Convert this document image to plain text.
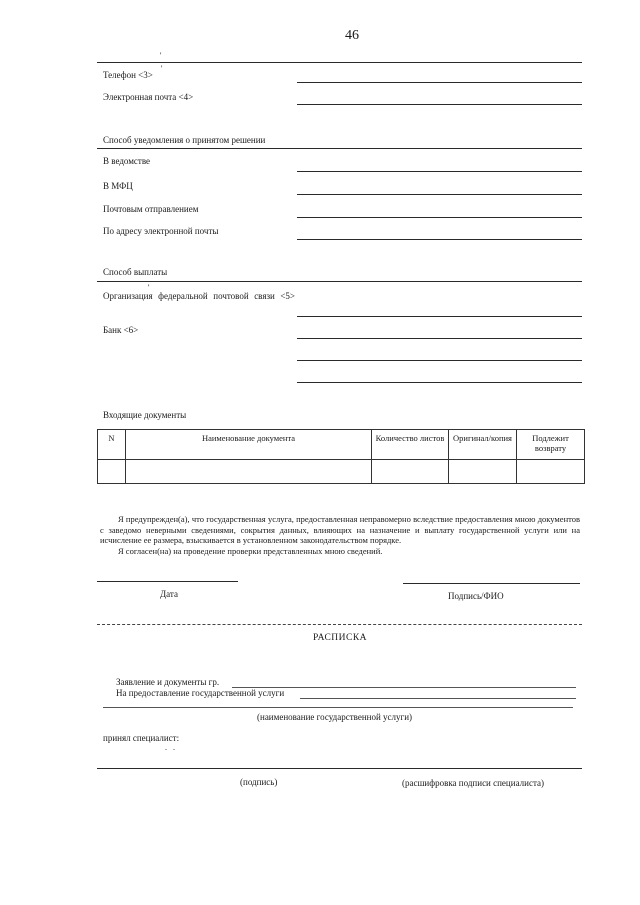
46
'
'
Телефон <3>
Электронная почта <4>
Способ уведомления о принятом решении
В ведомстве
В МФЦ
Почтовым отправлением
По адресу электронной почты
Способ выплаты
'
Организация федеральной почтовой связи <5>
Банк <6>
Входящие документы
N	Наименование документа	Количество листов	Оригинал/копия	Подлежит возврату

Я предупрежден(а), что государственная услуга, предоставленная неправомерно вследствие предоставления мною документов с заведомо неверными сведениями, сокрытия данных, влияющих на назначение и выплату государственной услуги или на исчисление ее размера, взыскивается в установленном законодательством порядке.
Я согласен(на) на проведение проверки представленных мною сведений.
Дата	Подпись/ФИО
РАСПИСКА
Заявление и документы гр.
На предоставление государственной услуги
(наименование государственной услуги)
принял специалист:
.   .
(подпись)	(расшифровка подписи специалиста)
